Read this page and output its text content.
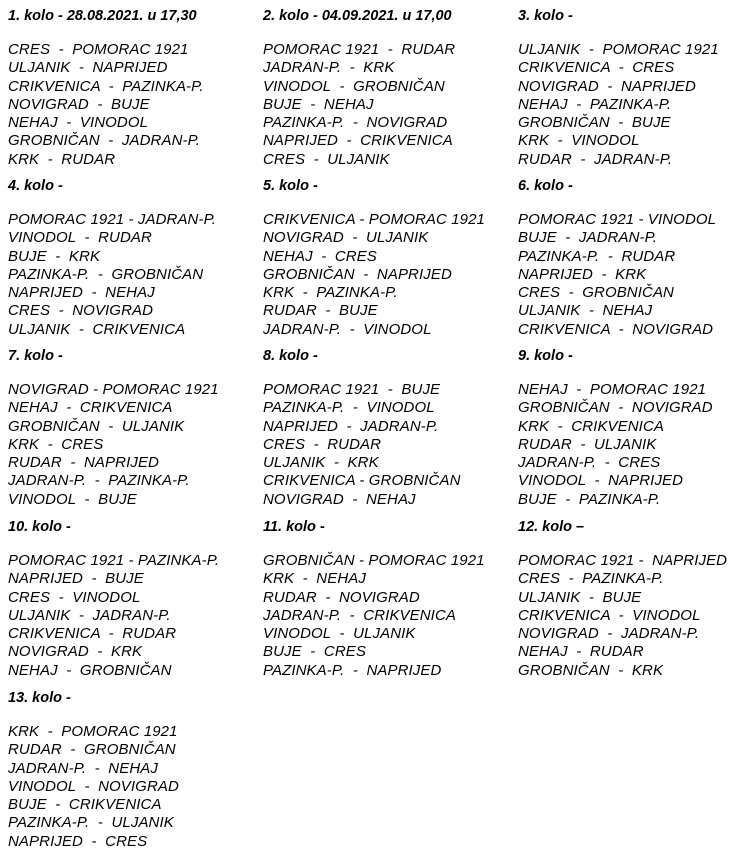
1. kolo - 28.08.2021. u 17,30
CRES  -  POMORAC 1921
ULJANIK  -  NAPRIJED
CRIKVENICA  -  PAZINKA-P.
NOVIGRAD  -  BUJE
NEHAJ  -  VINODOL
GROBNIČAN  -  JADRAN-P.
KRK  -  RUDAR
2. kolo - 04.09.2021. u 17,00
POMORAC 1921  -  RUDAR
JADRAN-P.  -  KRK
VINODOL  -  GROBNIČAN
BUJE  -  NEHAJ
PAZINKA-P.  -  NOVIGRAD
NAPRIJED  -  CRIKVENICA
CRES  -  ULJANIK
3. kolo -
ULJANIK  -  POMORAC 1921
CRIKVENICA  -  CRES
NOVIGRAD  -  NAPRIJED
NEHAJ  -  PAZINKA-P.
GROBNIČAN  -  BUJE
KRK  -  VINODOL
RUDAR  -  JADRAN-P.
4. kolo -
POMORAC 1921 - JADRAN-P.
VINODOL  -  RUDAR
BUJE  -  KRK
PAZINKA-P.  -  GROBNIČAN
NAPRIJED  -  NEHAJ
CRES  -  NOVIGRAD
ULJANIK  -  CRIKVENICA
5. kolo -
CRIKVENICA - POMORAC 1921
NOVIGRAD  -  ULJANIK
NEHAJ  -  CRES
GROBNIČAN  -  NAPRIJED
KRK  -  PAZINKA-P.
RUDAR  -  BUJE
JADRAN-P.  -  VINODOL
6. kolo -
POMORAC 1921 - VINODOL
BUJE  -  JADRAN-P.
PAZINKA-P.  -  RUDAR
NAPRIJED  -  KRK
CRES  -  GROBNIČAN
ULJANIK  -  NEHAJ
CRIKVENICA  -  NOVIGRAD
7. kolo -
NOVIGRAD - POMORAC 1921
NEHAJ  -  CRIKVENICA
GROBNIČAN  -  ULJANIK
KRK  -  CRES
RUDAR  -  NAPRIJED
JADRAN-P.  -  PAZINKA-P.
VINODOL  -  BUJE
8. kolo -
POMORAC 1921  -  BUJE
PAZINKA-P.  -  VINODOL
NAPRIJED  -  JADRAN-P.
CRES  -  RUDAR
ULJANIK  -  KRK
CRIKVENICA - GROBNIČAN
NOVIGRAD  -  NEHAJ
9. kolo -
NEHAJ  -  POMORAC 1921
GROBNIČAN  -  NOVIGRAD
KRK  -  CRIKVENICA
RUDAR  -  ULJANIK
JADRAN-P.  -  CRES
VINODOL  -  NAPRIJED
BUJE  -  PAZINKA-P.
10. kolo -
POMORAC 1921 - PAZINKA-P.
NAPRIJED  -  BUJE
CRES  -  VINODOL
ULJANIK  -  JADRAN-P.
CRIKVENICA  -  RUDAR
NOVIGRAD  -  KRK
NEHAJ  -  GROBNIČAN
11. kolo -
GROBNIČAN - POMORAC 1921
KRK  -  NEHAJ
RUDAR  -  NOVIGRAD
JADRAN-P.  -  CRIKVENICA
VINODOL  -  ULJANIK
BUJE  -  CRES
PAZINKA-P.  -  NAPRIJED
12. kolo –
POMORAC 1921 -  NAPRIJED
CRES  -  PAZINKA-P.
ULJANIK  -  BUJE
CRIKVENICA  -  VINODOL
NOVIGRAD  -  JADRAN-P.
NEHAJ  -  RUDAR
GROBNIČAN  -  KRK
13. kolo -
KRK  -  POMORAC 1921
RUDAR  -  GROBNIČAN
JADRAN-P.  -  NEHAJ
VINODOL  -  NOVIGRAD
BUJE  -  CRIKVENICA
PAZINKA-P.  -  ULJANIK
NAPRIJED  -  CRES
